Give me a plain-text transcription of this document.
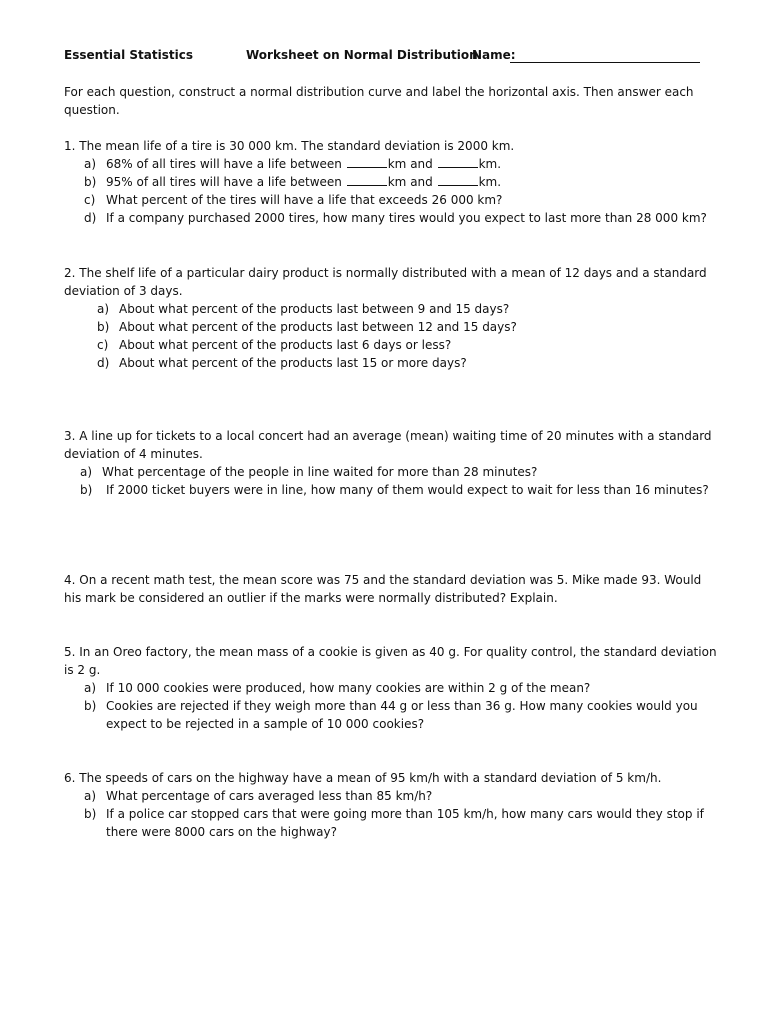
Essential Statistics	Worksheet on Normal Distribution
Name:
For each question, construct a normal distribution curve and label the horizontal axis. Then answer each
question.
1. The mean life of a tire is 30 000 km. The standard deviation is 2000 km.
a) 68% of all tires will have a life between	km and	km.
b) 95% of all tires will have a life between	km and	km.
c) What percent of the tires will have a life that exceeds 26 000 km?
d) If a company purchased 2000 tires, how many tires would you expect to last more than 28 000 km?
2. The shelf life of a particular dairy product is normally distributed with a mean of 12 days and a standard
deviation of 3 days.
a) About what percent of the products last between 9 and 15 days?
b) About what percent of the products last between 12 and 15 days?
c) About what percent of the products last 6 days or less?
d) About what percent of the products last 15 or more days?
3. A line up for tickets to a local concert had an average (mean) waiting time of 20 minutes with a standard
deviation of 4 minutes.
a) What percentage of the people in line waited for more than 28 minutes?
b) If 2000 ticket buyers were in line, how many of them would expect to wait for less than 16 minutes?
4. On a recent math test, the mean score was 75 and the standard deviation was 5. Mike made 93. Would
his mark be considered an outlier if the marks were normally distributed? Explain.
5. In an Oreo factory, the mean mass of a cookie is given as 40 g. For quality control, the standard deviation
is 2 g.
a) If 10 000 cookies were produced, how many cookies are within 2 g of the mean?
b) Cookies are rejected if they weigh more than 44 g or less than 36 g. How many cookies would you
expect to be rejected in a sample of 10 000 cookies?
6. The speeds of cars on the highway have a mean of 95 km/h with a standard deviation of 5 km/h.
a) What percentage of cars averaged less than 85 km/h?
b) If a police car stopped cars that were going more than 105 km/h, how many cars would they stop if
there were 8000 cars on the highway?
